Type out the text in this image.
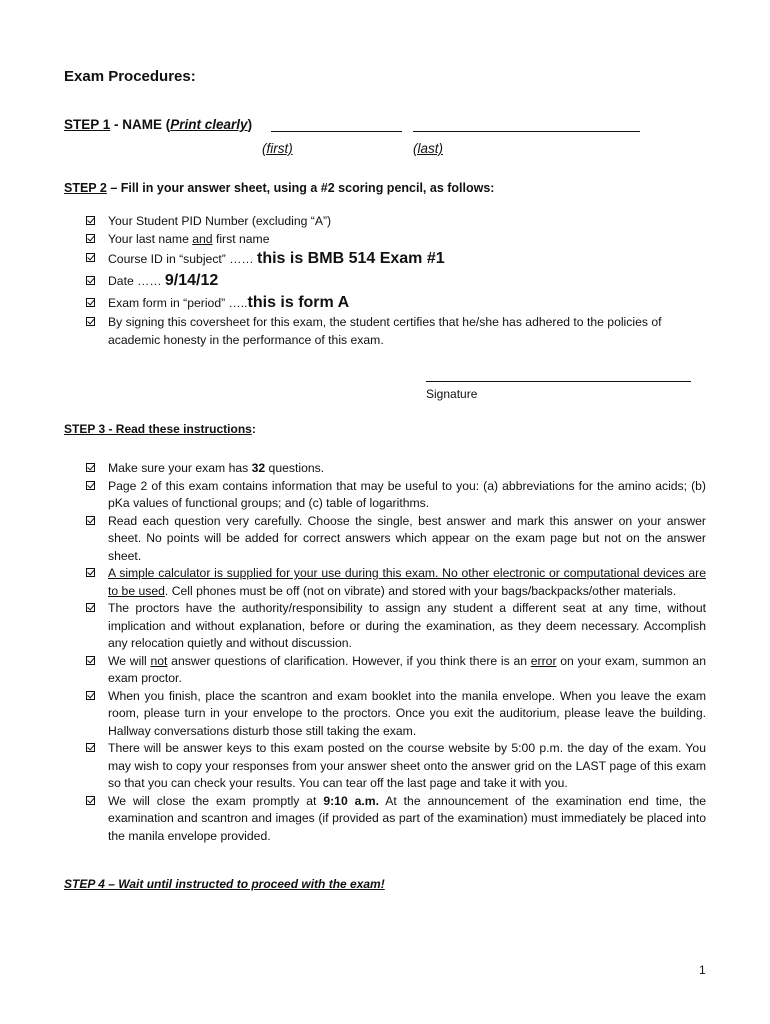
Exam Procedures:
STEP 1 - NAME (Print clearly)
(first)	(last)
STEP 2 – Fill in your answer sheet, using a #2 scoring pencil, as follows:
Your Student PID Number (excluding “A”)
Your last name and first name
Course ID in “subject” …… this is BMB 514 Exam #1
Date …… 9/14/12
Exam form in “period” …..this is form A
By signing this coversheet for this exam, the student certifies that he/she has adhered to the policies of academic honesty in the performance of this exam.
Signature
STEP 3 - Read these instructions:
Make sure your exam has 32 questions.
Page 2 of this exam contains information that may be useful to you: (a) abbreviations for the amino acids; (b) pKa values of functional groups; and (c) table of logarithms.
Read each question very carefully. Choose the single, best answer and mark this answer on your answer sheet. No points will be added for correct answers which appear on the exam page but not on the answer sheet.
A simple calculator is supplied for your use during this exam. No other electronic or computational devices are to be used. Cell phones must be off (not on vibrate) and stored with your bags/backpacks/other materials.
The proctors have the authority/responsibility to assign any student a different seat at any time, without implication and without explanation, before or during the examination, as they deem necessary. Accomplish any relocation quietly and without discussion.
We will not answer questions of clarification. However, if you think there is an error on your exam, summon an exam proctor.
When you finish, place the scantron and exam booklet into the manila envelope. When you leave the exam room, please turn in your envelope to the proctors. Once you exit the auditorium, please leave the building. Hallway conversations disturb those still taking the exam.
There will be answer keys to this exam posted on the course website by 5:00 p.m. the day of the exam. You may wish to copy your responses from your answer sheet onto the answer grid on the LAST page of this exam so that you can check your results. You can tear off the last page and take it with you.
We will close the exam promptly at 9:10 a.m. At the announcement of the examination end time, the examination and scantron and images (if provided as part of the examination) must immediately be placed into the manila envelope provided.
STEP 4 – Wait until instructed to proceed with the exam!
1
